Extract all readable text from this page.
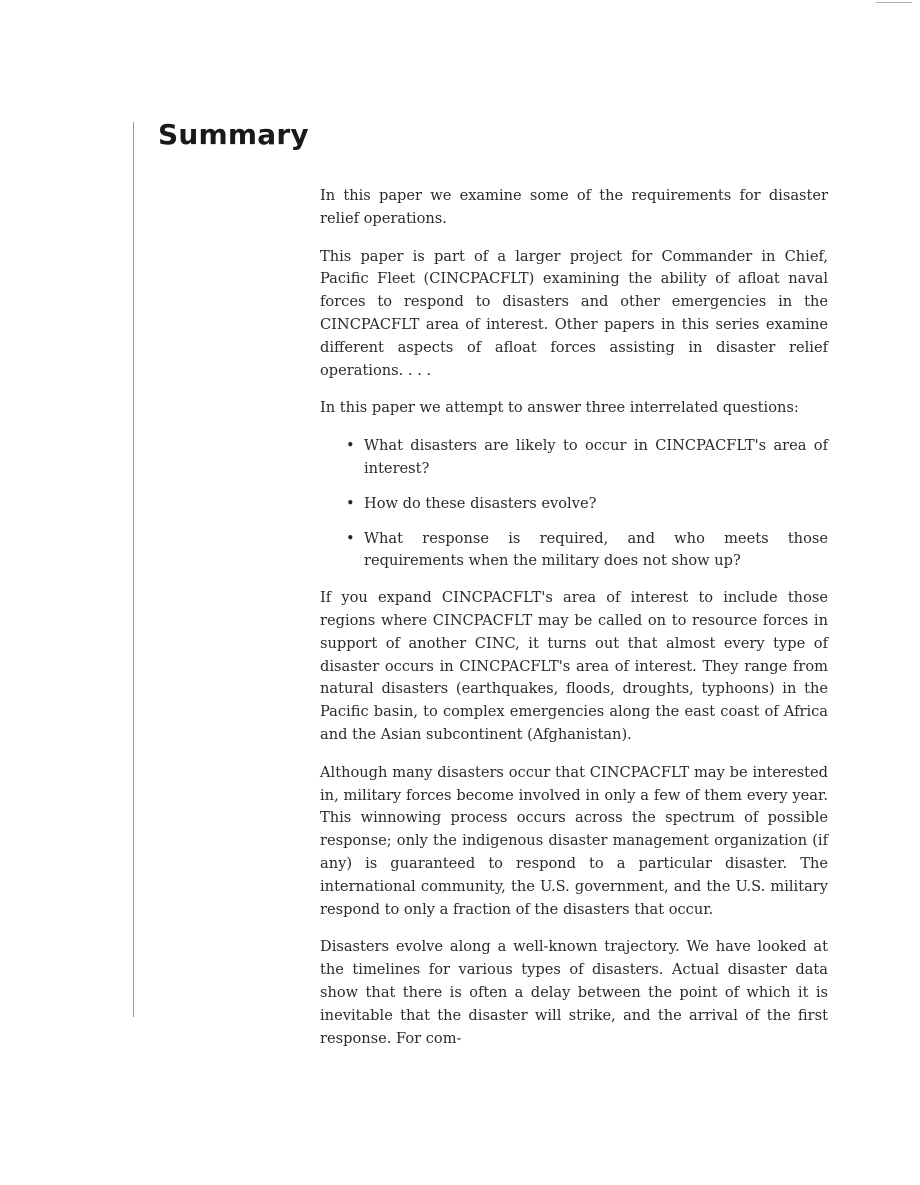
Summary

In this paper we examine some of the requirements for disaster relief operations.

This paper is part of a larger project for Commander in Chief, Pacific Fleet (CINCPACFLT) examining the ability of afloat naval forces to respond to disasters and other emergencies in the CINCPACFLT area of interest. Other papers in this series examine different aspects of afloat forces assisting in disaster relief operations. . . .

In this paper we attempt to answer three interrelated questions:

• What disasters are likely to occur in CINCPACFLT's area of interest?
• How do these disasters evolve?
• What response is required, and who meets those requirements when the military does not show up?

If you expand CINCPACFLT's area of interest to include those regions where CINCPACFLT may be called on to resource forces in support of another CINC, it turns out that almost every type of disaster occurs in CINCPACFLT's area of interest. They range from natural disasters (earthquakes, floods, droughts, typhoons) in the Pacific basin, to complex emergencies along the east coast of Africa and the Asian subcontinent (Afghanistan).

Although many disasters occur that CINCPACFLT may be interested in, military forces become involved in only a few of them every year. This winnowing process occurs across the spectrum of possible response; only the indigenous disaster management organization (if any) is guaranteed to respond to a particular disaster. The international community, the U.S. government, and the U.S. military respond to only a fraction of the disasters that occur.

Disasters evolve along a well-known trajectory. We have looked at the timelines for various types of disasters. Actual disaster data show that there is often a delay between the point of which it is inevitable that the disaster will strike, and the arrival of the first response. For com-
